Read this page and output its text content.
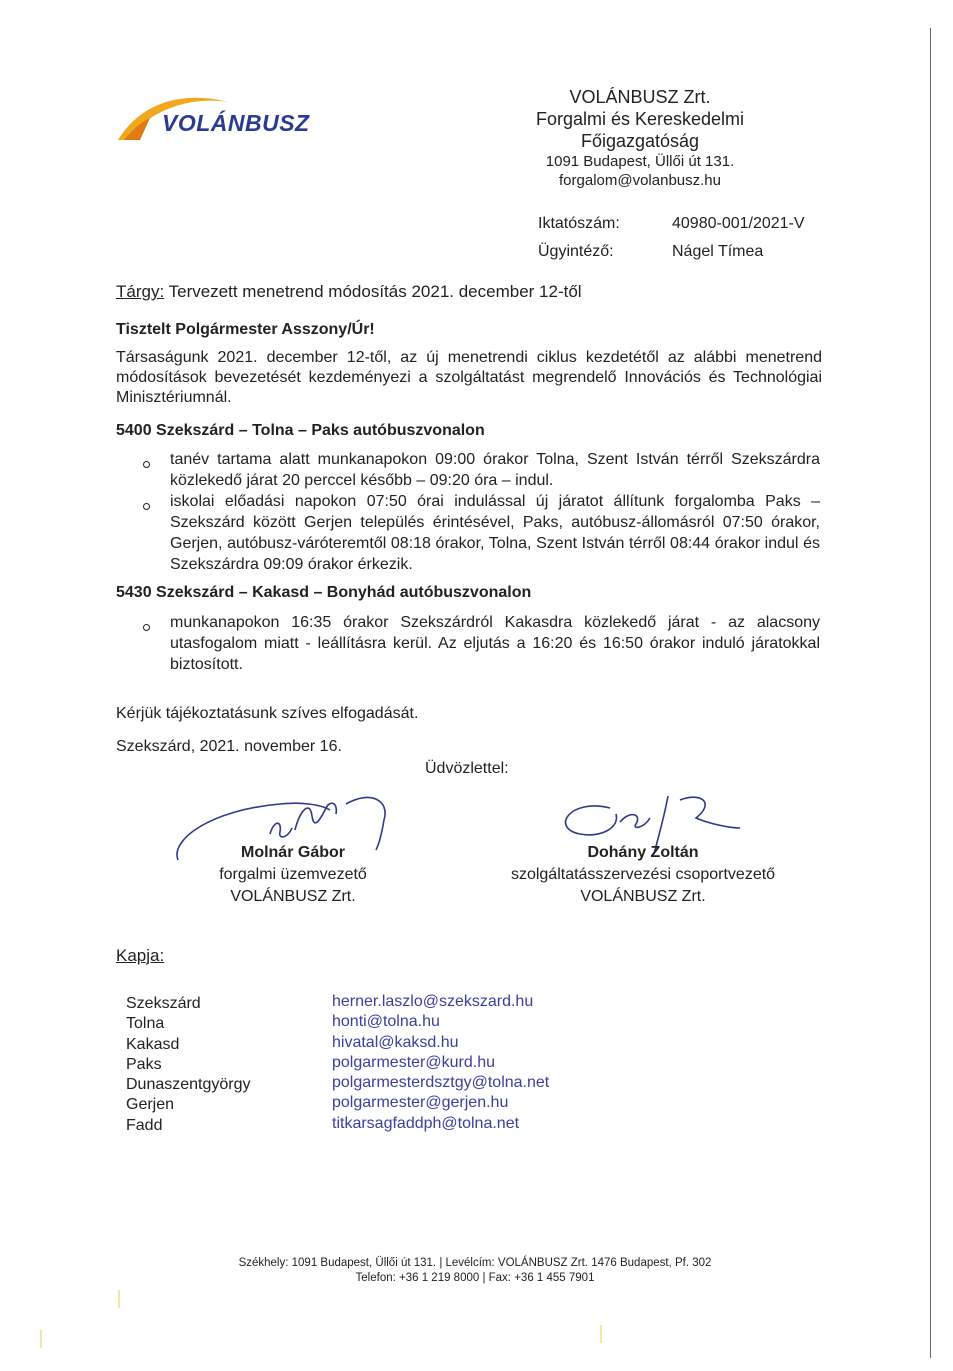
VOLÁNBUSZ
VOLÁNBUSZ Zrt.
Forgalmi és Kereskedelmi
Főigazgatóság
1091 Budapest, Üllői út 131.
forgalom@volanbusz.hu
Iktatószám:	40980-001/2021-V
Ügyintéző:	Nágel Tímea
Tárgy: Tervezett menetrend módosítás 2021. december 12-től
Tisztelt Polgármester Asszony/Úr!
Társaságunk 2021. december 12-től, az új menetrendi ciklus kezdetétől az alábbi menetrend módosítások bevezetését kezdeményezi a szolgáltatást megrendelő Innovációs és Technológiai Minisztériumnál.
5400 Szekszárd – Tolna – Paks autóbuszvonalon
tanév tartama alatt munkanapokon 09:00 órakor Tolna, Szent István térről Szekszárdra közlekedő járat 20 perccel később – 09:20 óra – indul.
iskolai előadási napokon 07:50 órai indulással új járatot állítunk forgalomba Paks – Szekszárd között Gerjen település érintésével, Paks, autóbusz-állomásról 07:50 órakor, Gerjen, autóbusz-váróteremtől 08:18 órakor, Tolna, Szent István térről 08:44 órakor indul és Szekszárdra 09:09 órakor érkezik.
5430 Szekszárd – Kakasd – Bonyhád autóbuszvonalon
munkanapokon 16:35 órakor Szekszárdról Kakasdra közlekedő járat - az alacsony utasfogalom miatt - leállításra kerül. Az eljutás a 16:20 és 16:50 órakor induló járatokkal biztosított.
Kérjük tájékoztatásunk szíves elfogadását.
Szekszárd, 2021. november 16.
Üdvözlettel:
Molnár Gábor
forgalmi üzemvezető
VOLÁNBUSZ Zrt.
Dohány Zoltán
szolgáltatásszervezési csoportvezető
VOLÁNBUSZ Zrt.
Kapja:
Szekszárd
Tolna
Kakasd
Paks
Dunaszentgyörgy
Gerjen
Fadd
herner.laszlo@szekszard.hu
honti@tolna.hu
hivatal@kaksd.hu
polgarmester@kurd.hu
polgarmesterdsztgy@tolna.net
polgarmester@gerjen.hu
titkarsagfaddph@tolna.net
Székhely: 1091 Budapest, Üllői út 131. | Levélcím: VOLÁNBUSZ Zrt. 1476 Budapest, Pf. 302
Telefon: +36 1 219 8000 | Fax: +36 1 455 7901
